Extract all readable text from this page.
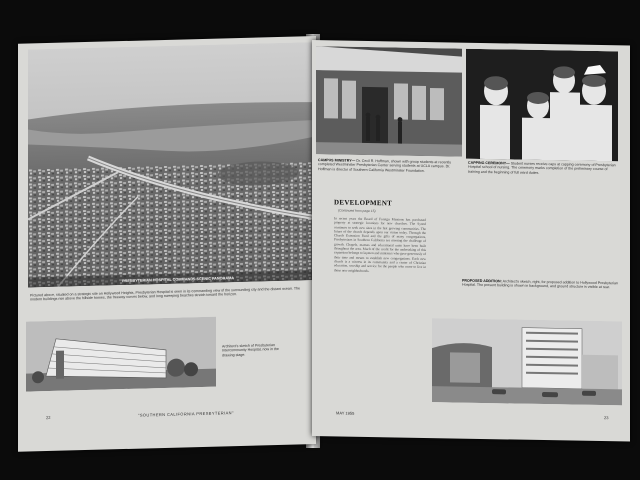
PRESBYTERIAN HOSPITAL COMMANDS SCENIC PANORAMA
Pictured above, situated on a strategic site on Hollywood Heights, Presbyterian Hospital is seen in its commanding view of the surrounding city and the distant ocean. The modern buildings rise above the hillside homes, the freeway curves below, and long sweeping beaches stretch toward the horizon.
Architect's sketch of Presbyterian Intercommunity Hospital, now in the drawing stage.
22	"SOUTHERN CALIFORNIA PRESBYTERIAN"
CAMPUS MINISTRY— Dr. Cecil R. Hoffman, shown with group students at recently completed Westminster Presbyterian Center serving students at UCLA campus. Dr. Hoffman is director of Southern California Westminster Foundation.
CAPPING CEREMONY— Student nurses receive caps at capping ceremony of Presbyterian Hospital school of nursing. The ceremony marks completion of the preliminary course of training and the beginning of full ward duties.
DEVELOPMENT
(Continued from page 15)
In recent years the Board of Foreign Missions has purchased property at strategic locations for new churches. The Synod continues to seek new sites in the fast growing communities. The future of the church depends upon our vision today. Through the Church Extension Fund and the gifts of many congregations, Presbyterians in Southern California are meeting the challenge of growth. Chapels, manses and educational units have been built throughout the area. Much of the credit for the undertaking of this expansion belongs to laymen and ministers who gave generously of their time and means to establish new congregations. Each new church is a witness in its community and a center of Christian education, worship and service for the people who come to live in these new neighborhoods.
PROPOSED ADDITION: Architect's sketch, right, for proposed addition to Hollywood Presbyterian Hospital. The present building is shown in background, and ground structure is visible at rear.
MAY 1955
23
